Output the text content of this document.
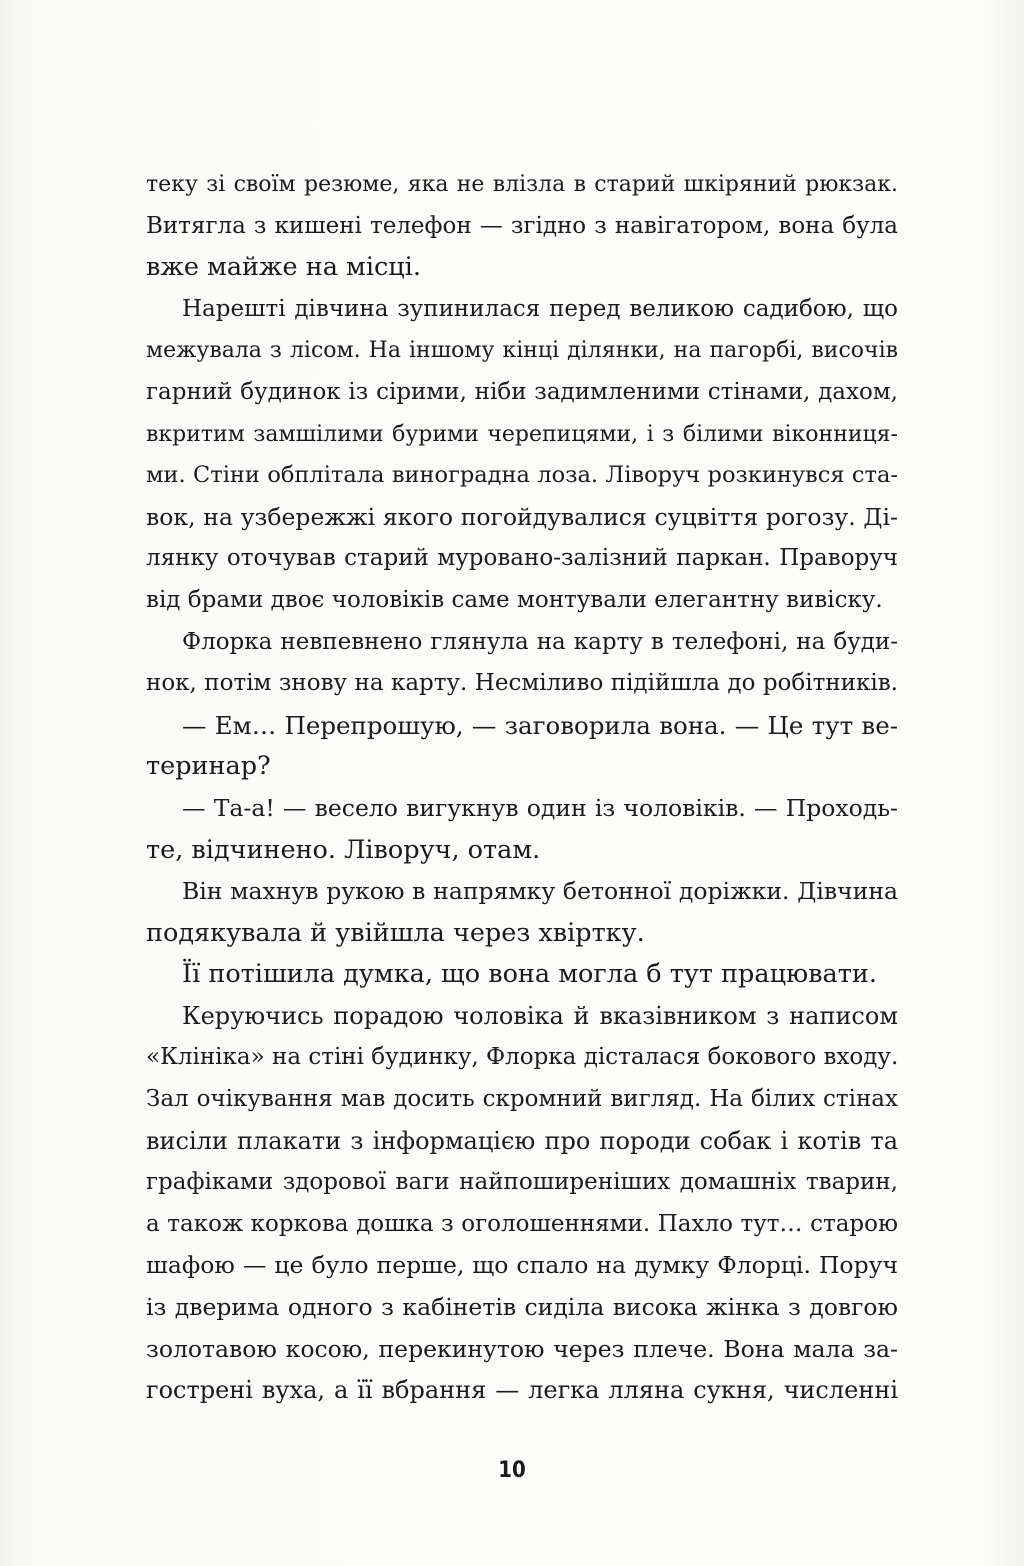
теку зі своїм резюме, яка не влізла в старий шкіряний рюкзак.
Витягла з кишені телефон — згідно з навігатором, вона була
вже майже на місці.
Нарешті дівчина зупинилася перед великою садибою, що
межувала з лісом. На іншому кінці ділянки, на пагорбі, височів
гарний будинок із сірими, ніби задимленими стінами, дахом,
вкритим замшілими бурими черепицями, і з білими віконниця-
ми. Стіни обплітала виноградна лоза. Ліворуч розкинувся ста-
вок, на узбережжі якого погойдувалися суцвіття рогозу. Ді-
лянку оточував старий муровано-залізний паркан. Праворуч
від брами двоє чоловіків саме монтували елегантну вивіску.
Флорка невпевнено глянула на карту в телефоні, на буди-
нок, потім знову на карту. Несміливо підійшла до робітників.
— Ем… Перепрошую, — заговорила вона. — Це тут ве-
теринар?
— Та-а! — весело вигукнув один із чоловіків. — Проходь-
те, відчинено. Ліворуч, отам.
Він махнув рукою в напрямку бетонної доріжки. Дівчина
подякувала й увійшла через хвіртку.
Її потішила думка, що вона могла б тут працювати.
Керуючись порадою чоловіка й вказівником з написом
«Клініка» на стіні будинку, Флорка дісталася бокового входу.
Зал очікування мав досить скромний вигляд. На білих стінах
висіли плакати з інформацією про породи собак і котів та
графіками здорової ваги найпоширеніших домашніх тварин,
а також коркова дошка з оголошеннями. Пахло тут… старою
шафою — це було перше, що спало на думку Флорці. Поруч
із дверима одного з кабінетів сиділа висока жінка з довгою
золотавою косою, перекинутою через плече. Вона мала за-
гострені вуха, а її вбрання — легка лляна сукня, численні
10
